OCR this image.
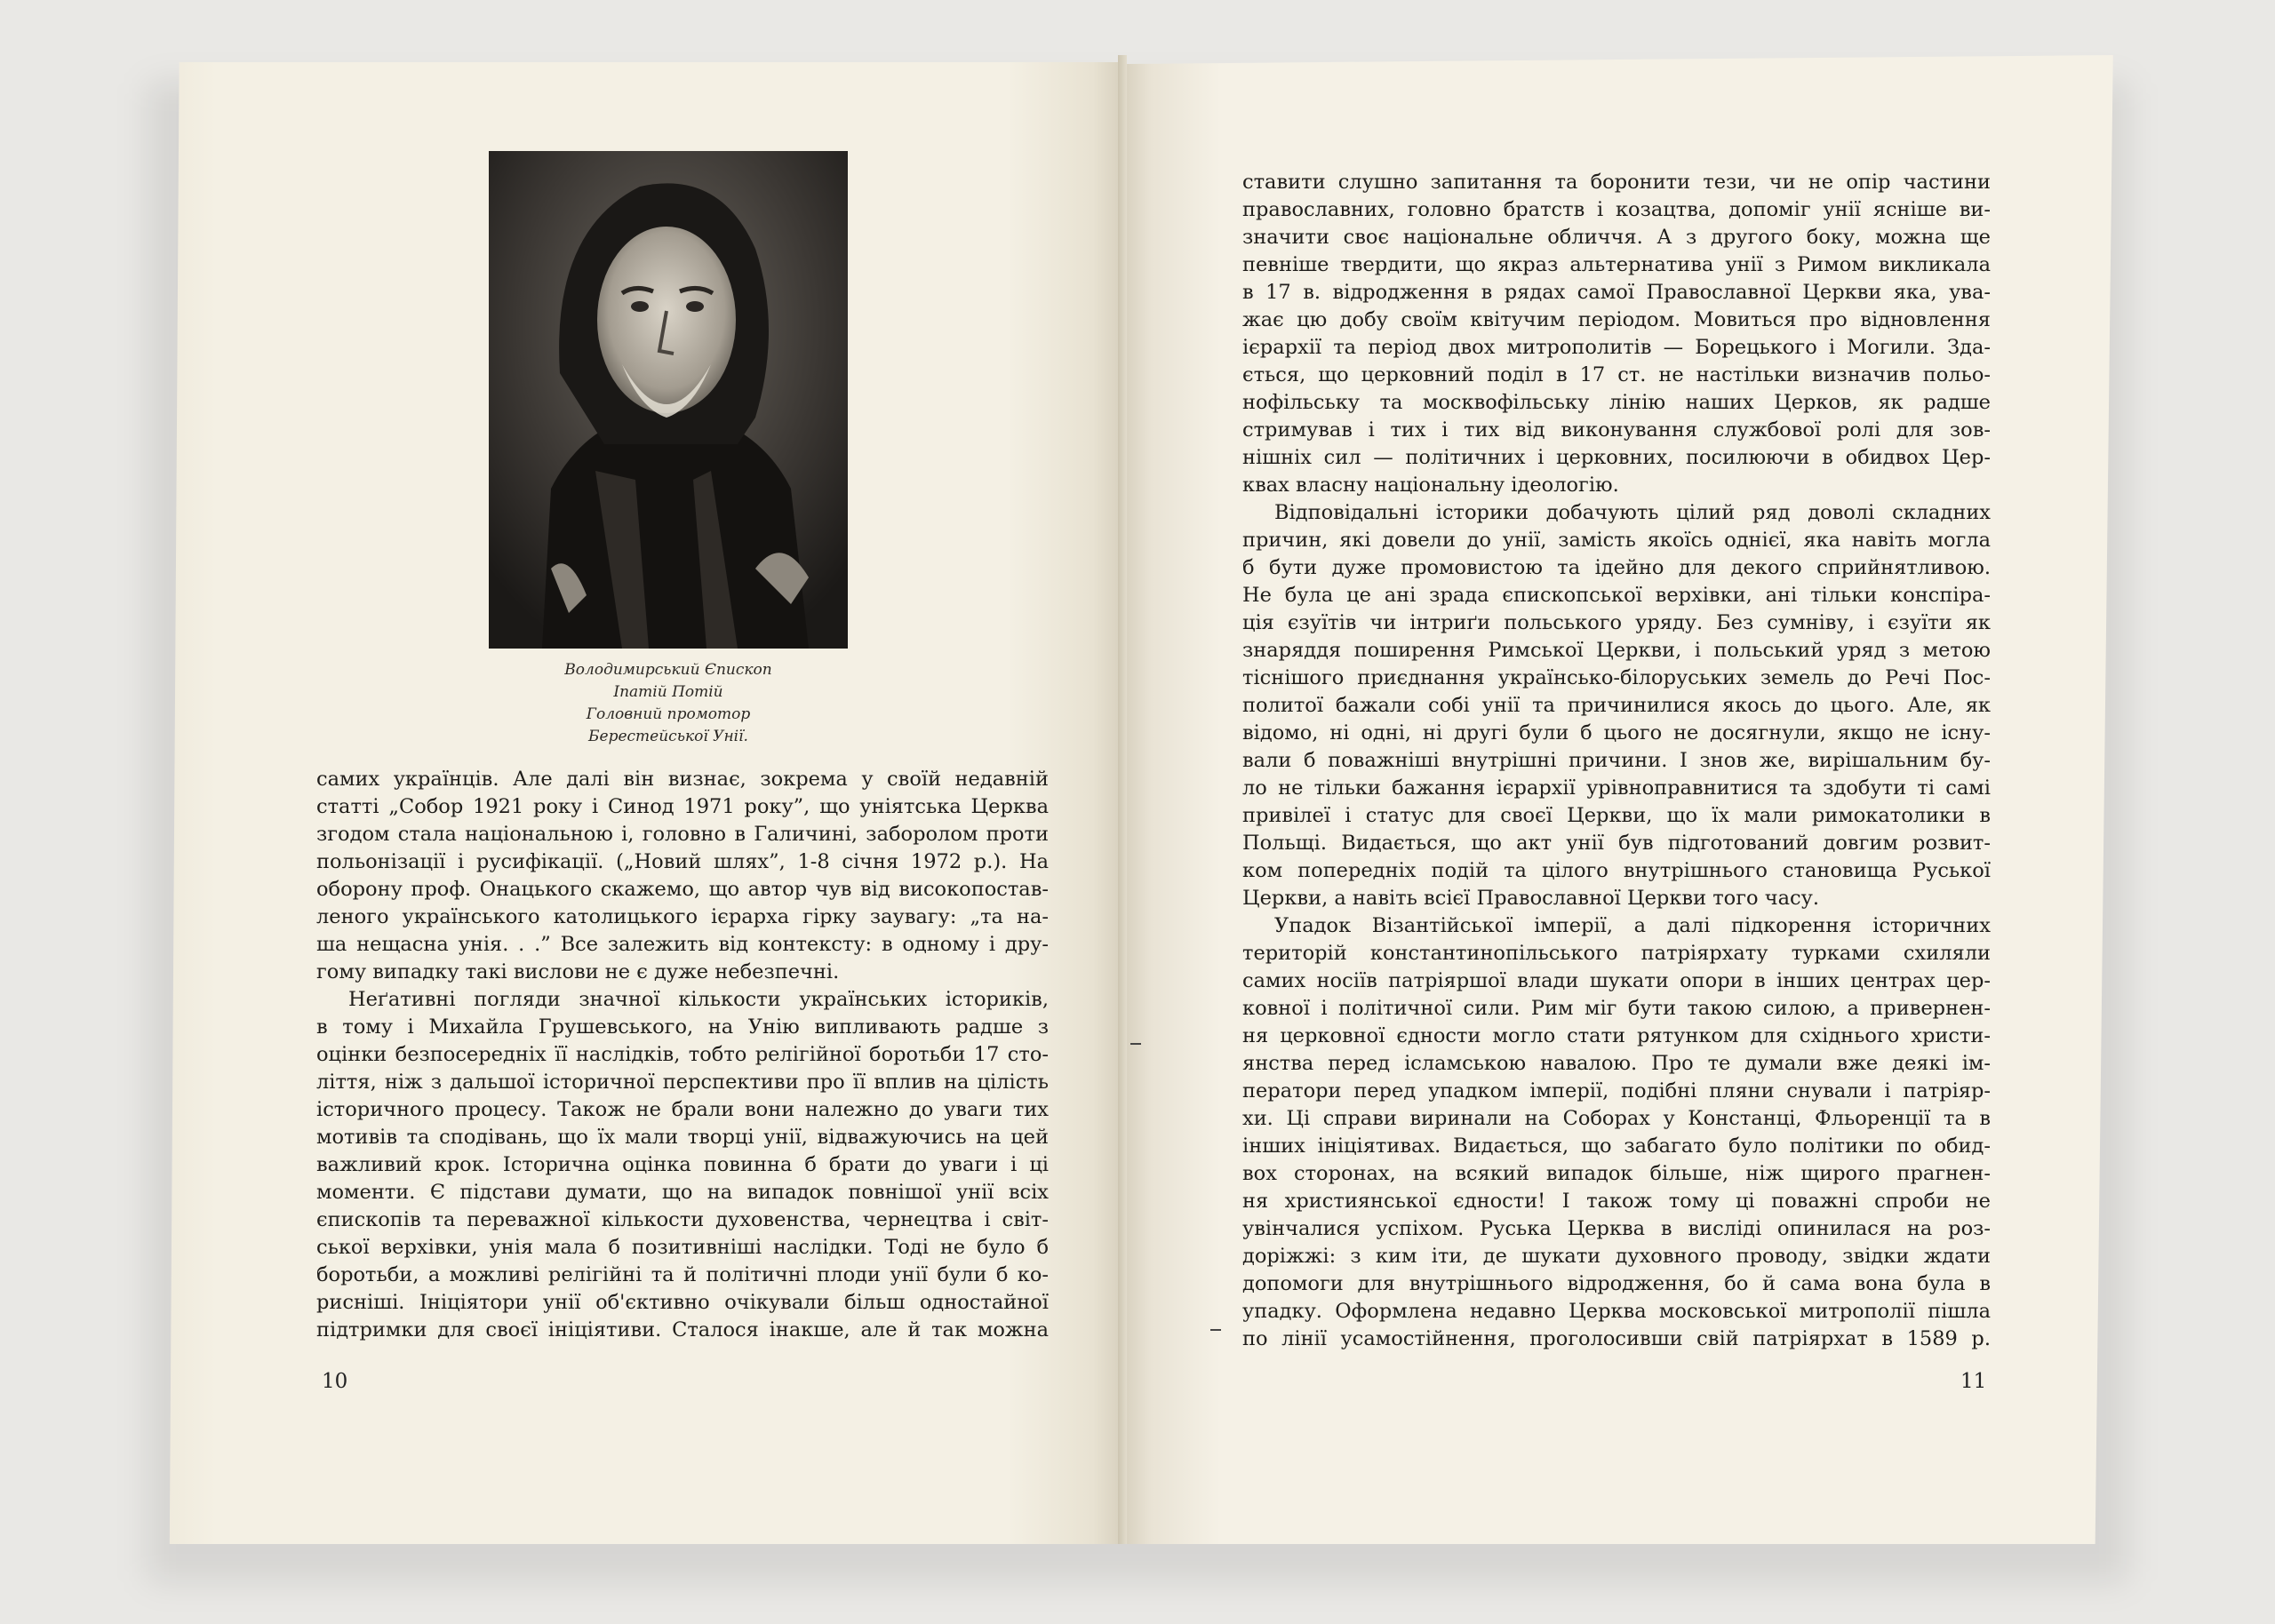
Володимирський Єпископ
Іпатій Потій
Головний промотор
Берестейської Унії.
самих українців. Але далі він визнає, зокрема у своїй недавній
статті „Собор 1921 року і Синод 1971 року”, що уніятська Церква
згодом стала національною і, головно в Галичині, заборолом проти
польонізації і русифікації. („Новий шлях”, 1-8 січня 1972 р.). На
оборону проф. Онацького скажемо, що автор чув від високопостав-
леного українського католицького ієрарха гірку заувагу: „та на-
ша нещасна унія. . .” Все залежить від контексту: в одному і дру-
гому випадку такі вислови не є дуже небезпечні.
Неґативні погляди значної кількости українських істориків,
в тому і Михайла Грушевського, на Унію випливають радше з
оцінки безпосередніх її наслідків, тобто релігійної боротьби 17 сто-
ліття, ніж з дальшої історичної перспективи про її вплив на цілість
історичного процесу. Також не брали вони належно до уваги тих
мотивів та сподівань, що їх мали творці унії, відважуючись на цей
важливий крок. Історична оцінка повинна б брати до уваги і ці
моменти. Є підстави думати, що на випадок повнішої унії всіх
єпископів та переважної кількости духовенства, чернецтва і світ-
ської верхівки, унія мала б позитивніші наслідки. Тоді не було б
боротьби, а можливі релігійні та й політичні плоди унії були б ко-
рисніші. Ініціятори унії об'єктивно очікували більш одностайної
підтримки для своєї ініціятиви. Сталося інакше, але й так можна
ставити слушно запитання та боронити тези, чи не опір частини
православних, головно братств і козацтва, допоміг унії ясніше ви-
значити своє національне обличчя. А з другого боку, можна ще
певніше твердити, що якраз альтернатива унії з Римом викликала
в 17 в. відродження в рядах самої Православної Церкви яка, ува-
жає цю добу своїм квітучим періодом. Мовиться про відновлення
ієрархії та період двох митрополитів — Борецького і Могили. Зда-
ється, що церковний поділ в 17 ст. не настільки визначив польо-
нофільську та москвофільську лінію наших Церков, як радше
стримував і тих і тих від виконування службової ролі для зов-
нішніх сил — політичних і церковних, посилюючи в обидвох Цер-
квах власну національну ідеологію.
Відповідальні історики добачують цілий ряд доволі складних
причин, які довели до унії, замість якоїсь однієї, яка навіть могла
б бути дуже промовистою та ідейно для декого сприйнятливою.
Не була це ані зрада єпископської верхівки, ані тільки конспіра-
ція єзуїтів чи інтриґи польського уряду. Без сумніву, і єзуїти як
знаряддя поширення Римської Церкви, і польський уряд з метою
тіснішого приєднання українсько-білоруських земель до Речі Пос-
политої бажали собі унії та причинилися якось до цього. Але, як
відомо, ні одні, ні другі були б цього не досягнули, якщо не існу-
вали б поважніші внутрішні причини. І знов же, вирішальним бу-
ло не тільки бажання ієрархії урівноправнитися та здобути ті самі
привілеї і статус для своєї Церкви, що їх мали римокатолики в
Польщі. Видається, що акт унії був підготований довгим розвит-
ком попередніх подій та цілого внутрішнього становища Руської
Церкви, а навіть всієї Православної Церкви того часу.
Упадок Візантійської імперії, а далі підкорення історичних
територій константинопільського патріярхату турками схиляли
самих носіїв патріяршої влади шукати опори в інших центрах цер-
ковної і політичної сили. Рим міг бути такою силою, а привернен-
ня церковної єдности могло стати рятунком для східнього христи-
янства перед ісламською навалою. Про те думали вже деякі ім-
ператори перед упадком імперії, подібні пляни снували і патріяр-
хи. Ці справи виринали на Соборах у Констанці, Фльоренції та в
інших ініціятивах. Видається, що забагато було політики по обид-
вох сторонах, на всякий випадок більше, ніж щирого прагнен-
ня християнської єдности! І також тому ці поважні спроби не
увінчалися успіхом. Руська Церква в висліді опинилася на роз-
доріжжі: з ким іти, де шукати духовного проводу, звідки ждати
допомоги для внутрішнього відродження, бо й сама вона була в
упадку. Оформлена недавно Церква московської митрополії пішла
по лінії усамостійнення, проголосивши свій патріярхат в 1589 р.
10	11
